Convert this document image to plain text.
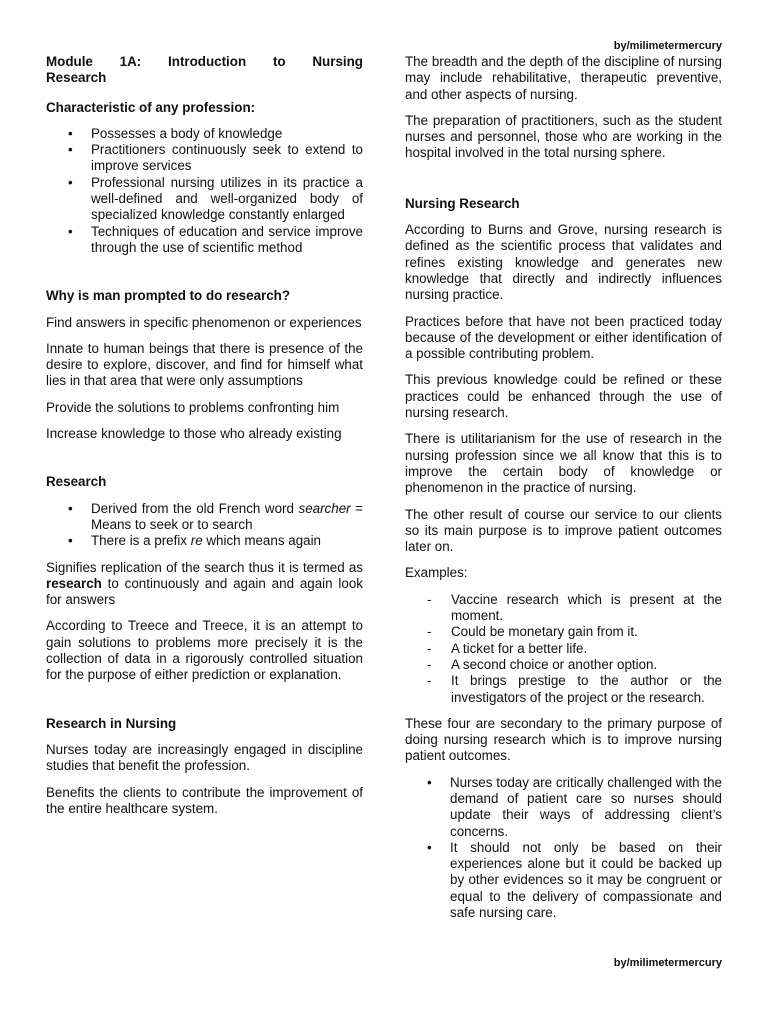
by/milimetermercury
Module 1A: Introduction to Nursing
Research
Characteristic of any profession:
• Possesses a body of knowledge
• Practitioners continuously seek to extend to improve services
• Professional nursing utilizes in its practice a well-defined and well-organized body of specialized knowledge constantly enlarged
• Techniques of education and service improve through the use of scientific method
Why is man prompted to do research?
Find answers in specific phenomenon or experiences
Innate to human beings that there is presence of the desire to explore, discover, and find for himself what lies in that area that were only assumptions
Provide the solutions to problems confronting him
Increase knowledge to those who already existing
Research
• Derived from the old French word searcher = Means to seek or to search
• There is a prefix re which means again
Signifies replication of the search thus it is termed as research to continuously and again and again look for answers
According to Treece and Treece, it is an attempt to gain solutions to problems more precisely it is the collection of data in a rigorously controlled situation for the purpose of either prediction or explanation.
Research in Nursing
Nurses today are increasingly engaged in discipline studies that benefit the profession.
Benefits the clients to contribute the improvement of the entire healthcare system.
The breadth and the depth of the discipline of nursing may include rehabilitative, therapeutic preventive, and other aspects of nursing.
The preparation of practitioners, such as the student nurses and personnel, those who are working in the hospital involved in the total nursing sphere.
Nursing Research
According to Burns and Grove, nursing research is defined as the scientific process that validates and refines existing knowledge and generates new knowledge that directly and indirectly influences nursing practice.
Practices before that have not been practiced today because of the development or either identification of a possible contributing problem.
This previous knowledge could be refined or these practices could be enhanced through the use of nursing research.
There is utilitarianism for the use of research in the nursing profession since we all know that this is to improve the certain body of knowledge or phenomenon in the practice of nursing.
The other result of course our service to our clients so its main purpose is to improve patient outcomes later on.
Examples:
- Vaccine research which is present at the moment.
- Could be monetary gain from it.
- A ticket for a better life.
- A second choice or another option.
- It brings prestige to the author or the investigators of the project or the research.
These four are secondary to the primary purpose of doing nursing research which is to improve nursing patient outcomes.
• Nurses today are critically challenged with the demand of patient care so nurses should update their ways of addressing client’s concerns.
• It should not only be based on their experiences alone but it could be backed up by other evidences so it may be congruent or equal to the delivery of compassionate and safe nursing care.
by/milimetermercury
